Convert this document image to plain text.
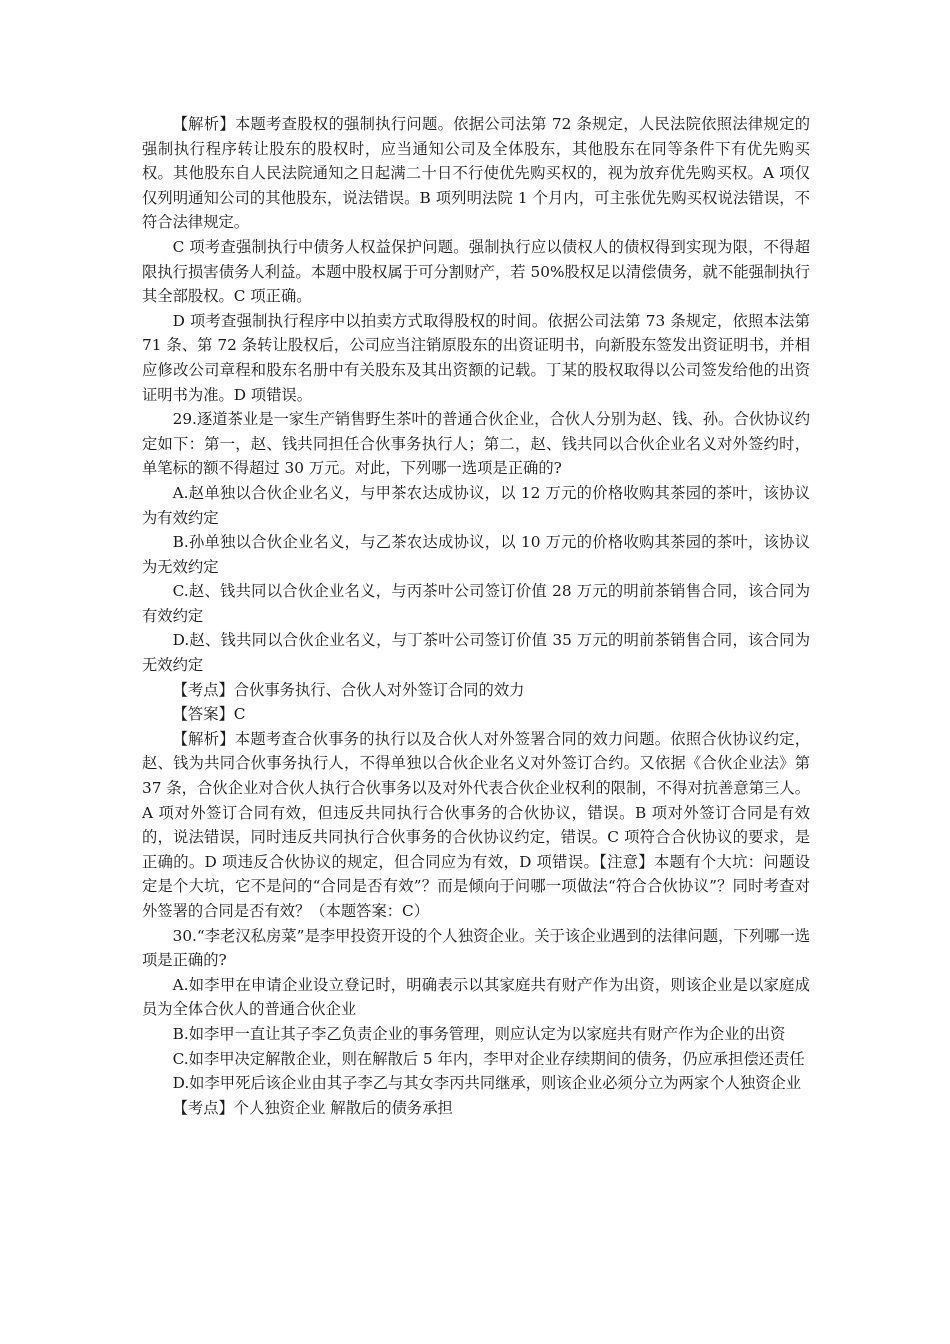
【解析】本题考查股权的强制执行问题。依据公司法第 72 条规定，人民法院依照法律规定的强制执行程序转让股东的股权时，应当通知公司及全体股东，其他股东在同等条件下有优先购买权。其他股东自人民法院通知之日起满二十日不行使优先购买权的，视为放弃优先购买权。A 项仅仅列明通知公司的其他股东，说法错误。B 项列明法院 1 个月内，可主张优先购买权说法错误，不符合法律规定。

C 项考查强制执行中债务人权益保护问题。强制执行应以债权人的债权得到实现为限，不得超限执行损害债务人利益。本题中股权属于可分割财产，若 50%股权足以清偿债务，就不能强制执行其全部股权。C 项正确。

D 项考查强制执行程序中以拍卖方式取得股权的时间。依据公司法第 73 条规定，依照本法第 71 条、第 72 条转让股权后，公司应当注销原股东的出资证明书，向新股东签发出资证明书，并相应修改公司章程和股东名册中有关股东及其出资额的记载。丁某的股权取得以公司签发给他的出资证明书为准。D 项错误。

29.逐道茶业是一家生产销售野生茶叶的普通合伙企业，合伙人分别为赵、钱、孙。合伙协议约定如下：第一，赵、钱共同担任合伙事务执行人；第二，赵、钱共同以合伙企业名义对外签约时，单笔标的额不得超过 30 万元。对此，下列哪一选项是正确的?

A.赵单独以合伙企业名义，与甲茶农达成协议，以 12 万元的价格收购其茶园的茶叶，该协议为有效约定

B.孙单独以合伙企业名义，与乙茶农达成协议，以 10 万元的价格收购其茶园的茶叶，该协议为无效约定

C.赵、钱共同以合伙企业名义，与丙茶叶公司签订价值 28 万元的明前茶销售合同，该合同为有效约定

D.赵、钱共同以合伙企业名义，与丁茶叶公司签订价值 35 万元的明前茶销售合同，该合同为无效约定

【考点】合伙事务执行、合伙人对外签订合同的效力

【答案】C

【解析】本题考查合伙事务的执行以及合伙人对外签署合同的效力问题。依照合伙协议约定，赵、钱为共同合伙事务执行人，不得单独以合伙企业名义对外签订合约。又依据《合伙企业法》第 37 条，合伙企业对合伙人执行合伙事务以及对外代表合伙企业权利的限制，不得对抗善意第三人。A 项对外签订合同有效，但违反共同执行合伙事务的合伙协议，错误。B 项对外签订合同是有效的，说法错误，同时违反共同执行合伙事务的合伙协议约定，错误。C 项符合合伙协议的要求，是正确的。D 项违反合伙协议的规定，但合同应为有效，D 项错误。【注意】本题有个大坑：问题设定是个大坑，它不是问的“合同是否有效”？而是倾向于问哪一项做法“符合合伙协议”？同时考查对外签署的合同是否有效？（本题答案：C）

30.“李老汉私房菜”是李甲投资开设的个人独资企业。关于该企业遇到的法律问题，下列哪一选项是正确的?

A.如李甲在申请企业设立登记时，明确表示以其家庭共有财产作为出资，则该企业是以家庭成员为全体合伙人的普通合伙企业

B.如李甲一直让其子李乙负责企业的事务管理，则应认定为以家庭共有财产作为企业的出资

C.如李甲决定解散企业，则在解散后 5 年内，李甲对企业存续期间的债务，仍应承担偿还责任

D.如李甲死后该企业由其子李乙与其女李丙共同继承，则该企业必须分立为两家个人独资企业

【考点】个人独资企业 解散后的债务承担
